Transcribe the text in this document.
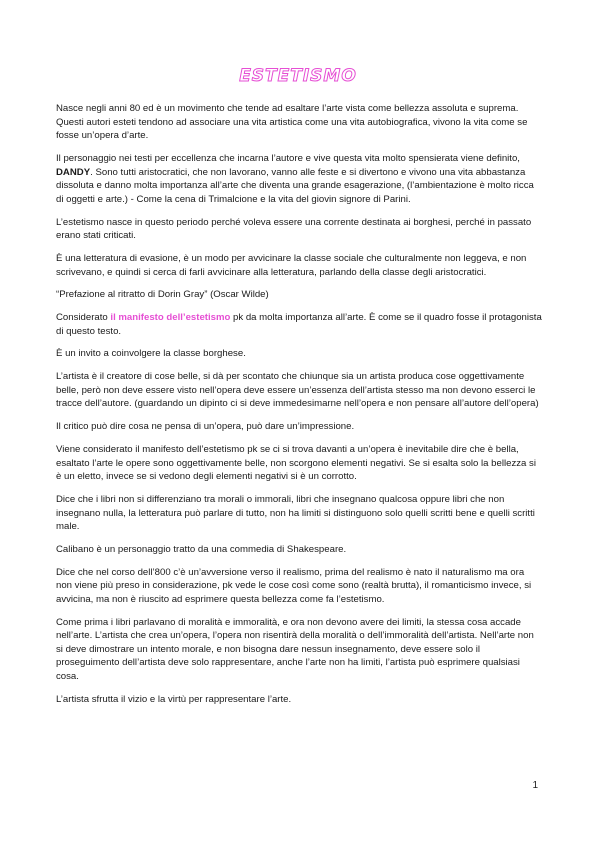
ESTETISMO

Nasce negli anni 80 ed è un movimento che tende ad esaltare l’arte vista come bellezza assoluta e suprema. Questi autori esteti tendono ad associare una vita artistica come una vita autobiografica, vivono la vita come se fosse un’opera d’arte.

Il personaggio nei testi per eccellenza che incarna l’autore e vive questa vita molto spensierata viene definito, DANDY. Sono tutti aristocratici, che non lavorano, vanno alle feste e si divertono e vivono una vita abbastanza dissoluta e danno molta importanza all’arte che diventa una grande esagerazione, (l’ambientazione è molto ricca di oggetti e arte.) - Come la cena di Trimalcione e la vita del giovin signore di Parini.

L’estetismo nasce in questo periodo perché voleva essere una corrente destinata ai borghesi, perché in passato erano stati criticati.

È una letteratura di evasione, è un modo per avvicinare la classe sociale che culturalmente non leggeva, e non scrivevano, e quindi si cerca di farli avvicinare alla letteratura, parlando della classe degli aristocratici.

“Prefazione al ritratto di Dorin Gray” (Oscar Wilde)

Considerato il manifesto dell’estetismo pk da molta importanza all’arte. È come se il quadro fosse il protagonista di questo testo.

È un invito a coinvolgere la classe borghese.

L’artista è il creatore di cose belle, si dà per scontato che chiunque sia un artista produca cose oggettivamente belle, però non deve essere visto nell’opera deve essere un’essenza dell’artista stesso ma non devono esserci le tracce dell’autore. (guardando un dipinto ci si deve immedesimarne nell’opera e non pensare all’autore dell’opera)

Il critico può dire cosa ne pensa di un’opera, può dare un’impressione.

Viene considerato il manifesto dell’estetismo pk se ci si trova davanti a un’opera è inevitabile dire che è bella, esaltato l’arte le opere sono oggettivamente belle, non scorgono elementi negativi. Se si esalta solo la bellezza si è un eletto, invece se si vedono degli elementi negativi si è un corrotto.

Dice che i libri non si differenziano tra morali o immorali, libri che insegnano qualcosa oppure libri che non insegnano nulla, la letteratura può parlare di tutto, non ha limiti si distinguono solo quelli scritti bene e quelli scritti male.

Calibano è un personaggio tratto da una commedia di Shakespeare.

Dice che nel corso dell’800 c’è un’avversione verso il realismo, prima del realismo è nato il naturalismo ma ora non viene più preso in considerazione, pk vede le cose così come sono (realtà brutta), il romanticismo invece, si avvicina, ma non è riuscito ad esprimere questa bellezza come fa l’estetismo.

Come prima i libri parlavano di moralità e immoralità, e ora non devono avere dei limiti, la stessa cosa accade nell’arte. L’artista che crea un’opera, l’opera non risentirà della moralità o dell’immoralità dell’artista. Nell’arte non si deve dimostrare un intento morale, e non bisogna dare nessun insegnamento, deve essere solo il proseguimento dell’artista deve solo rappresentare, anche l’arte non ha limiti, l’artista può esprimere qualsiasi cosa.

L’artista sfrutta il vizio e la virtù per rappresentare l’arte.

1
